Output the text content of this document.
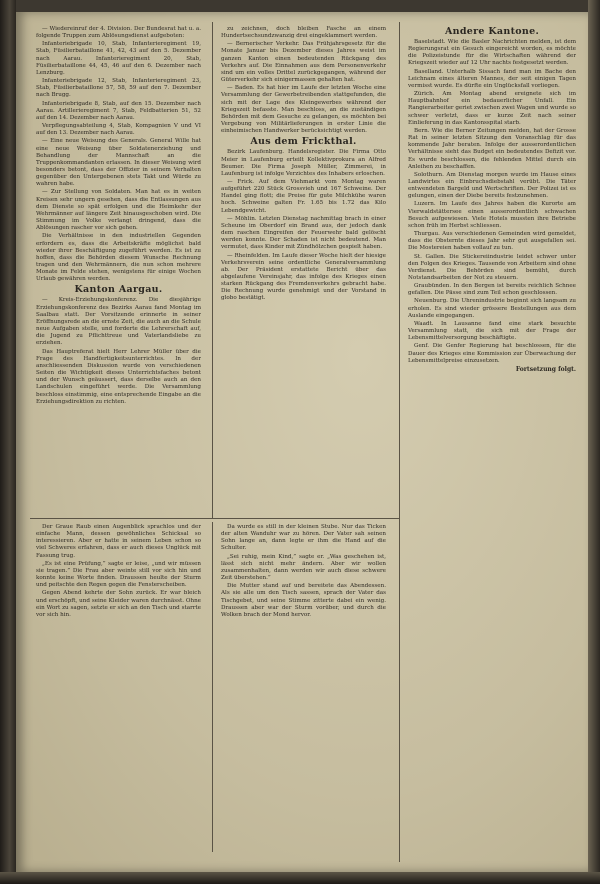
— Wiedereinruf der 4. Division. Der Bundesrat hat u. a. folgende Truppen zum Ablösungsdienst aufgeboten:

Infanteriebrigade 10, Stab, Infanterieregiment 19, Stab, Füsilierbataillone 41, 42, 43 auf den 5. Dezember nach Aarau. Infanterieregiment 20, Stab, Füsilierbataillone 44, 45, 46 auf den 6. Dezember nach Lenzburg.

Infanteriebrigade 12, Stab, Infanterieregiment 23, Stab, Füsilierbataillone 57, 58, 59 auf den 7. Dezember nach Brugg.

Infanteriebrigade 8, Stab, auf den 15. Dezember nach Aarau. Artillerieregiment 7, Stab, Feldbatterien 51, 52 auf den 14. Dezember nach Aarau.

Verpflegungsabteilung 4, Stab, Kompagnien V und VI auf den 13. Dezember nach Aarau.

— Eine neue Weisung des Generals. General Wille hat eine neue Weisung über Soldatenerziehung und Behandlung der Mannschaft an die Truppenkommandanten erlassen. In dieser Weisung wird besonders betont, dass der Offizier in seinem Verhalten gegenüber den Untergebenen stets Takt und Würde zu wahren habe.

— Zur Stellung von Soldaten. Man hat es in weiten Kreisen sehr ungern gesehen, dass die Entlassungen aus dem Dienste so spät erfolgen und die Heimkehr der Wehrmänner auf längere Zeit hinausgeschoben wird. Die Stimmung im Volke verlangt dringend, dass die Ablösungen rascher vor sich gehen.

Die Verhältnisse in den industriellen Gegenden erfordern es, dass die Arbeitskräfte möglichst bald wieder ihrer Beschäftigung zugeführt werden. Es ist zu hoffen, dass die Behörden diesem Wunsche Rechnung tragen und den Wehrmännern, die nun schon mehrere Monate im Felde stehen, wenigstens für einige Wochen Urlaub gewähren werden.

Kanton Aargau.

— Kreis-Erziehungskonferenz. Die diesjährige Erziehungskonferenz des Bezirks Aarau fand Montag im Saalbau statt. Der Vorsitzende erinnerte in seiner Eröffnungsrede an die ernste Zeit, die auch an die Schule neue Aufgaben stelle, und forderte die Lehrerschaft auf, die Jugend zu Pflichttreue und Vaterlandsliebe zu erziehen.

Das Hauptreferat hielt Herr Lehrer Müller über die Frage des Handfertigkeitsunterrichtes. In der anschliessenden Diskussion wurde von verschiedenen Seiten die Wichtigkeit dieses Unterrichtsfaches betont und der Wunsch geäussert, dass derselbe auch an den Landschulen eingeführt werde. Die Versammlung beschloss einstimmig, eine entsprechende Eingabe an die Erziehungsdirektion zu richten.

zu zeichnen, doch bleiben Fasche an einem Hundertsechsundzwanzig drei eingeklammert werden.

— Bernerischer Verkehr. Das Frühjahrsgesetz für die Monate Januar bis Dezember dieses Jahres weist im ganzen Kanton einen bedeutenden Rückgang des Verkehrs auf. Die Einnahmen aus dem Personenverkehr sind um ein volles Drittel zurückgegangen, während der Güterverkehr sich einigermassen gehalten hat.

— Baden. Es hat hier im Laufe der letzten Woche eine Versammlung der Gewerbetreibenden stattgefunden, die sich mit der Lage des Kleingewerbes während der Kriegszeit befasste. Man beschloss, an die zuständigen Behörden mit dem Gesuche zu gelangen, es möchten bei Vergebung von Militärlieferungen in erster Linie die einheimischen Handwerker berücksichtigt werden.

Aus dem Frickthal.

Bezirk Laufenburg. Handelsregister. Die Firma Otto Meier in Laufenburg erteilt Kollektivprokura an Alfred Beumer. Die Firma Joseph Müller, Zimmerei, in Laufenburg ist infolge Verzichtes des Inhabers erloschen.

— Frick. Auf dem Viehmarkt vom Montag waren aufgeführt 220 Stück Grossvieh und 167 Schweine. Der Handel ging flott; die Preise für gute Milchkühe waren hoch. Schweine galten Fr. 1.65 bis 1.72 das Kilo Lebendgewicht.

— Möhlin. Letzten Dienstag nachmittag brach in einer Scheune im Oberdorf ein Brand aus, der jedoch dank dem raschen Eingreifen der Feuerwehr bald gelöscht werden konnte. Der Schaden ist nicht bedeutend. Man vermutet, dass Kinder mit Zündhölzchen gespielt haben.

— Rheinfelden. Im Laufe dieser Woche hielt der hiesige Verkehrsverein seine ordentliche Generalversammlung ab. Der Präsident erstattete Bericht über das abgelaufene Vereinsjahr, das infolge des Krieges einen starken Rückgang des Fremdenverkehrs gebracht habe. Die Rechnung wurde genehmigt und der Vorstand in globo bestätigt.

Andere Kantone.

Baselstadt. Wie die Basler Nachrichten melden, ist dem Regierungsrat ein Gesuch eingereicht worden, es möchte die Polizeistunde für die Wirtschaften während der Kriegszeit wieder auf 12 Uhr nachts festgesetzt werden.

Baselland. Unterhalb Sissach fand man im Bache den Leichnam eines älteren Mannes, der seit einigen Tagen vermisst wurde. Es dürfte ein Unglücksfall vorliegen.

Zürich. Am Montag abend ereignete sich im Hauptbahnhof ein bedauerlicher Unfall. Ein Rangierarbeiter geriet zwischen zwei Wagen und wurde so schwer verletzt, dass er kurze Zeit nach seiner Einlieferung in das Kantonsspital starb.

Bern. Wie die Berner Zeitungen melden, hat der Grosse Rat in seiner letzten Sitzung den Voranschlag für das kommende Jahr beraten. Infolge der ausserordentlichen Verhältnisse sieht das Budget ein bedeutendes Defizit vor. Es wurde beschlossen, die fehlenden Mittel durch ein Anleihen zu beschaffen.

Solothurn. Am Dienstag morgen wurde im Hause eines Landwirtes ein Einbruchsdiebstahl verübt. Die Täter entwendeten Bargeld und Wertschriften. Der Polizei ist es gelungen, einen der Diebe bereits festzunehmen.

Luzern. Im Laufe des Jahres haben die Kurorte am Vierwaldstättersee einen ausserordentlich schwachen Besuch aufgewiesen. Viele Hotels mussten ihre Betriebe schon früh im Herbst schliessen.

Thurgau. Aus verschiedenen Gemeinden wird gemeldet, dass die Obsternte dieses Jahr sehr gut ausgefallen sei. Die Mostereien haben vollauf zu tun.

St. Gallen. Die Stickereiindustrie leidet schwer unter den Folgen des Krieges. Tausende von Arbeitern sind ohne Verdienst. Die Behörden sind bemüht, durch Notstandsarbeiten der Not zu steuern.

Graubünden. In den Bergen ist bereits reichlich Schnee gefallen. Die Pässe sind zum Teil schon geschlossen.

Neuenburg. Die Uhrenindustrie beginnt sich langsam zu erholen. Es sind wieder grössere Bestellungen aus dem Auslande eingegangen.

Waadt. In Lausanne fand eine stark besuchte Versammlung statt, die sich mit der Frage der Lebensmittelversorgung beschäftigte.

Genf. Die Genfer Regierung hat beschlossen, für die Dauer des Krieges eine Kommission zur Überwachung der Lebensmittelpreise einzusetzen.

Fortsetzung folgt.

Der Graue Raub einen Augenblick sprachlos und der einfache Mann, dessen gewöhnliches Schicksal so interessieren. Aber er hatte in seinem Leben schon so viel Schweres erfahren, dass er auch dieses Unglück mit Fassung trug.

„Es ist eine Prüfung,” sagte er leise, „und wir müssen sie tragen.” Die Frau aber weinte still vor sich hin und konnte keine Worte finden. Draussen heulte der Sturm und peitschte den Regen gegen die Fensterscheiben.

Gegen Abend kehrte der Sohn zurück. Er war bleich und erschöpft, und seine Kleider waren durchnässt. Ohne ein Wort zu sagen, setzte er sich an den Tisch und starrte vor sich hin.

Da wurde es still in der kleinen Stube. Nur das Ticken der alten Wanduhr war zu hören. Der Vater sah seinen Sohn lange an, dann legte er ihm die Hand auf die Schulter.

„Sei ruhig, mein Kind,” sagte er. „Was geschehen ist, lässt sich nicht mehr ändern. Aber wir wollen zusammenhalten, dann werden wir auch diese schwere Zeit überstehen.”

Die Mutter stand auf und bereitete das Abendessen. Als sie alle um den Tisch sassen, sprach der Vater das Tischgebet, und seine Stimme zitterte dabei ein wenig. Draussen aber war der Sturm vorüber, und durch die Wolken brach der Mond hervor.
